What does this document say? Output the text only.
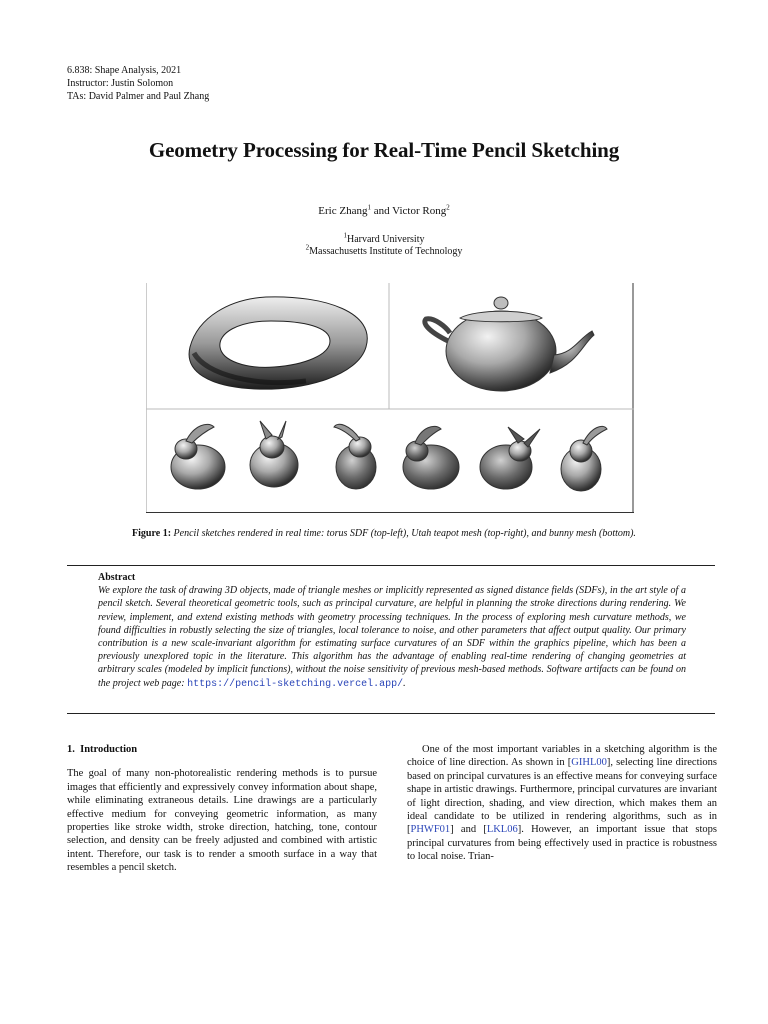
6.838: Shape Analysis, 2021
Instructor: Justin Solomon
TAs: David Palmer and Paul Zhang
Geometry Processing for Real-Time Pencil Sketching
Eric Zhang$^1$ and Victor Rong$^2$
$^1$Harvard University
$^2$Massachusetts Institute of Technology
Figure 1: Pencil sketches rendered in real time: torus SDF (top-left), Utah teapot mesh (top-right), and bunny mesh (bottom).
Abstract
We explore the task of drawing 3D objects, made of triangle meshes or implicitly represented as signed distance fields (SDFs), in the art style of a pencil sketch. Several theoretical geometric tools, such as principal curvature, are helpful in planning the stroke directions during rendering. We review, implement, and extend existing methods with geometry processing techniques. In the process of exploring mesh curvature methods, we found difficulties in robustly selecting the size of triangles, local tolerance to noise, and other parameters that affect output quality. Our primary contribution is a new scale-invariant algorithm for estimating surface curvatures of an SDF within the graphics pipeline, which has been a previously unexplored topic in the literature. This algorithm has the advantage of enabling real-time rendering of changing geometries at arbitrary scales (modeled by implicit functions), without the noise sensitivity of previous mesh-based methods. Software artifacts can be found on the project web page: https://pencil-sketching.vercel.app/.
1.  Introduction

The goal of many non-photorealistic rendering methods is to pursue images that efficiently and expressively convey information about shape, while eliminating extraneous details. Line drawings are a particularly effective medium for conveying geometric information, as many properties like stroke width, stroke direction, hatching, tone, contour selection, and density can be freely adjusted and combined with artistic intent. Therefore, our task is to render a smooth surface in a way that resembles a pencil sketch.

One of the most important variables in a sketching algorithm is the choice of line direction. As shown in [GIHL00], selecting line directions based on principal curvatures is an effective means for conveying surface shape in artistic drawings. Furthermore, principal curvatures are invariant of light direction, shading, and view direction, which makes them an ideal candidate to be utilized in rendering algorithms, such as in [PHWF01] and [LKL06]. However, an important issue that stops principal curvatures from being effectively used in practice is robustness to local noise. Trian-
